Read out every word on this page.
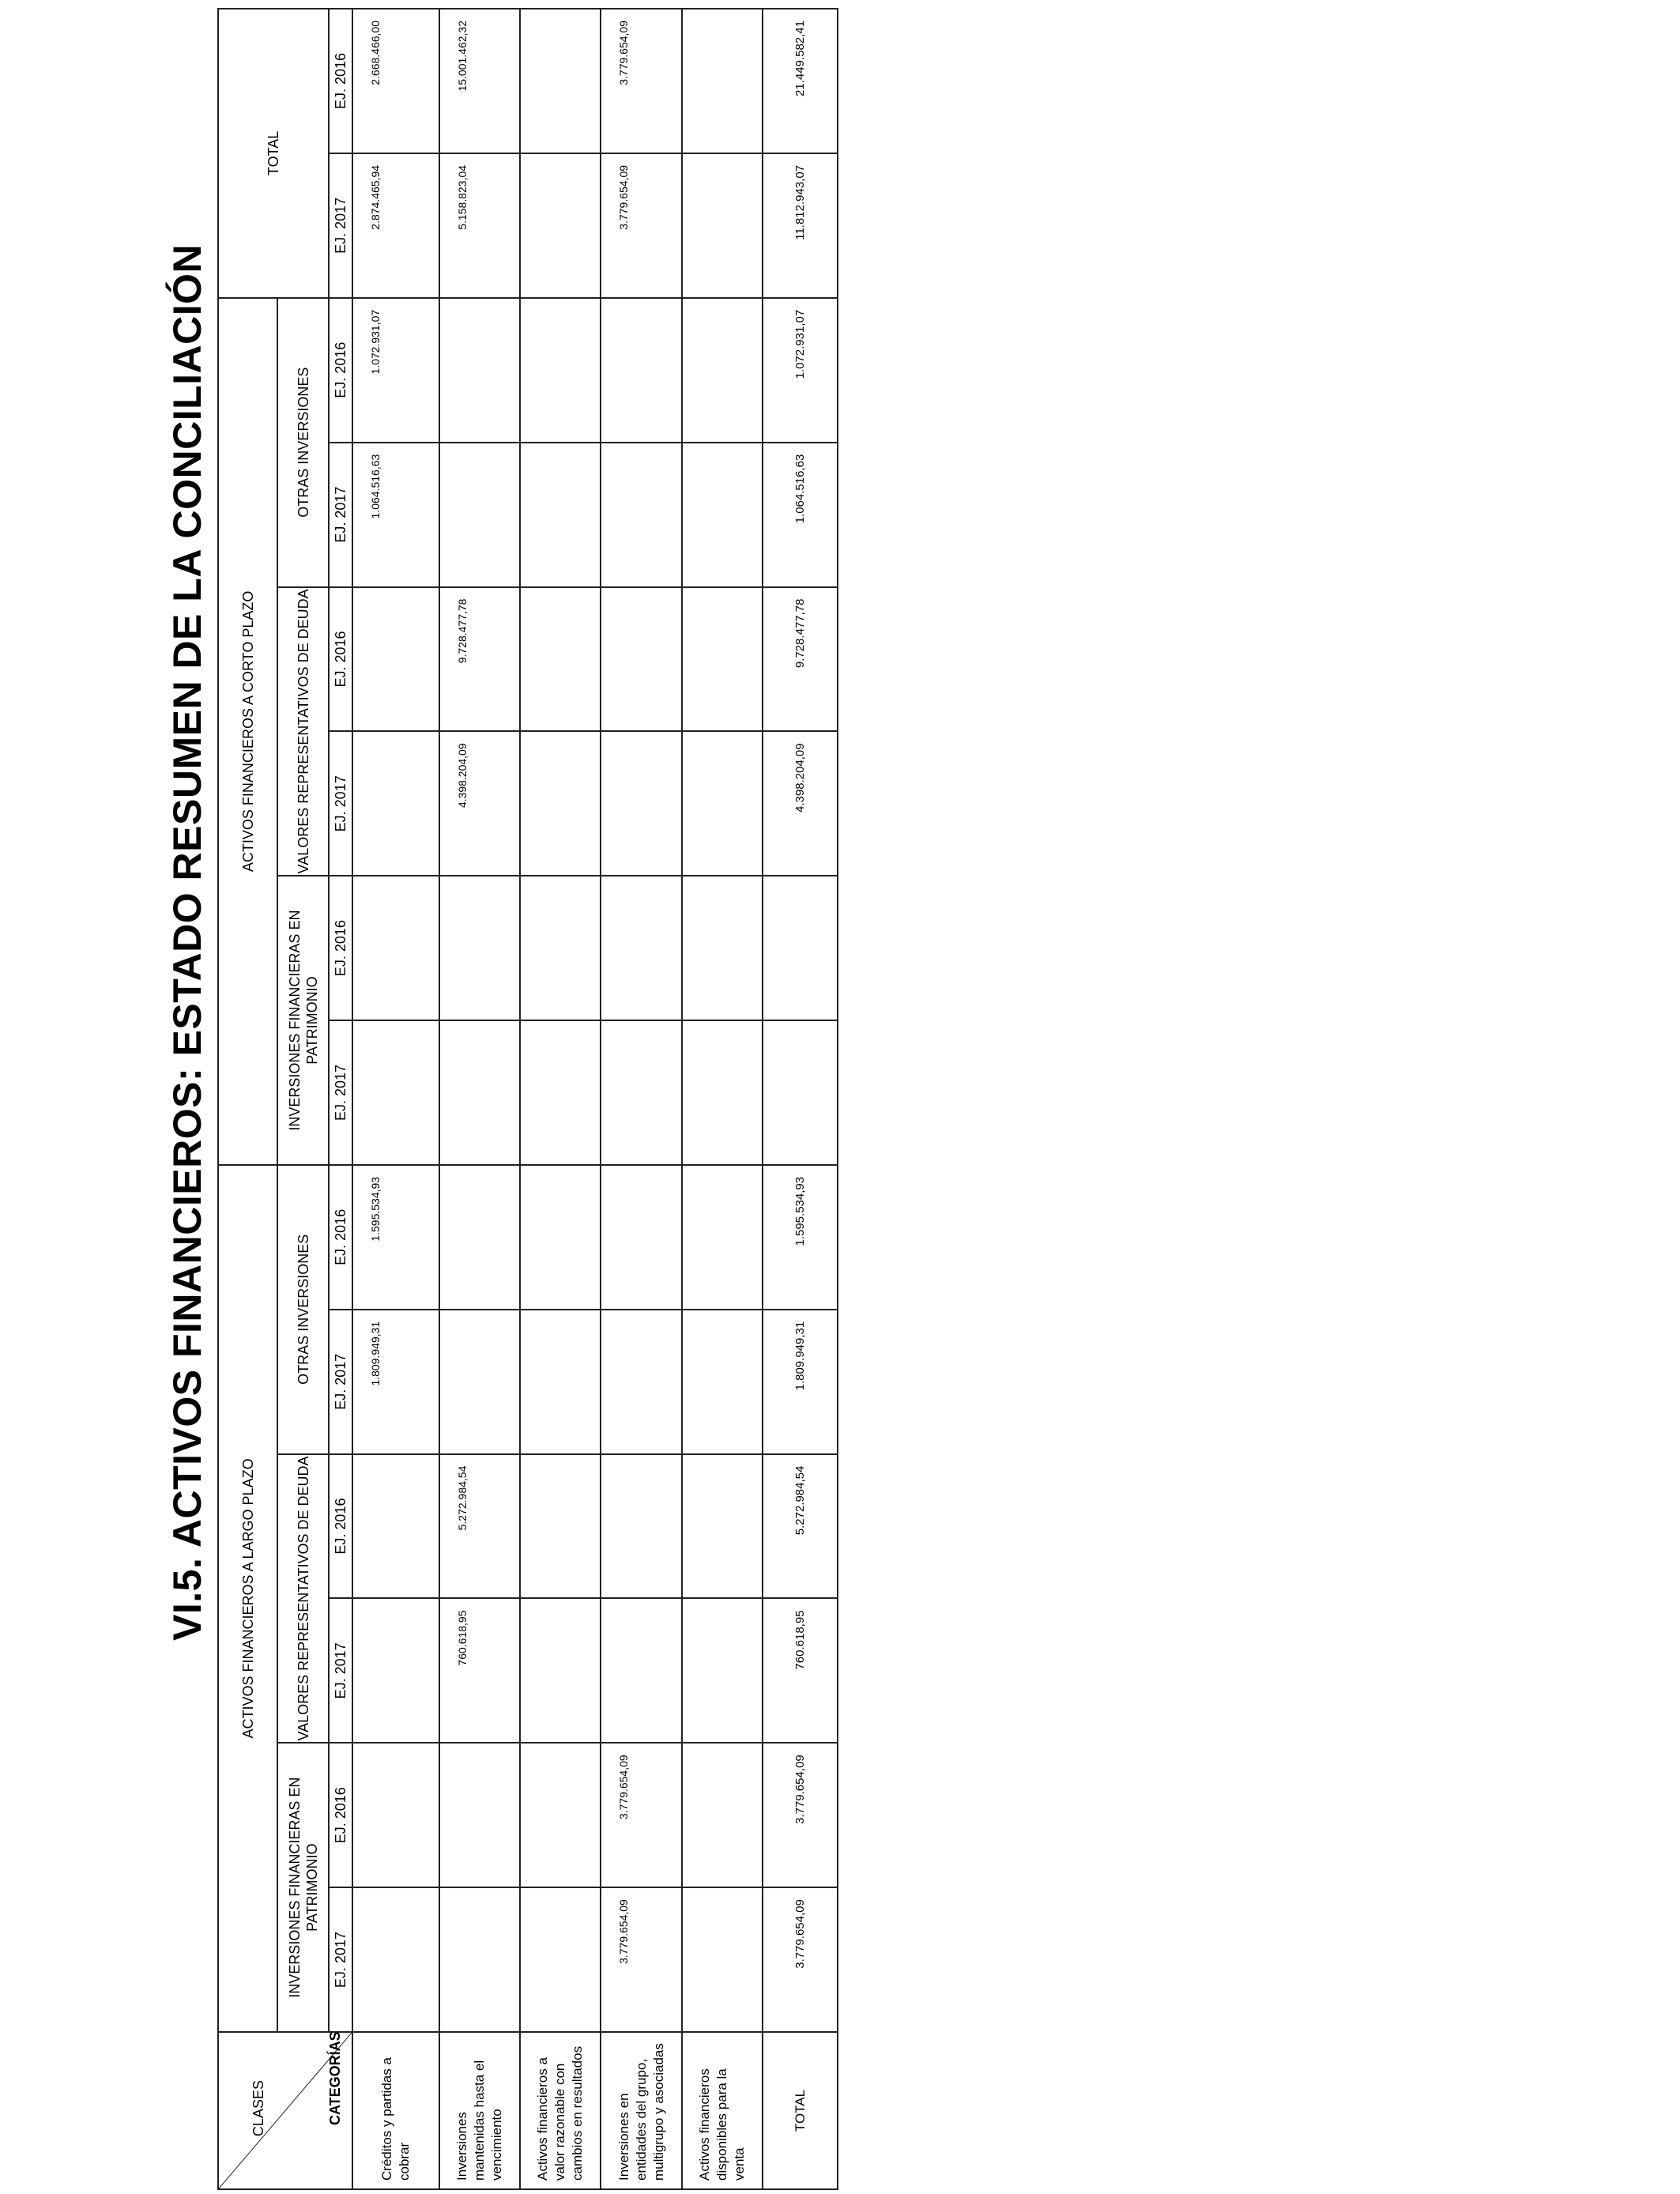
VI.5. ACTIVOS FINANCIEROS: ESTADO RESUMEN DE LA CONCILIACIÓN
CLASES CATEGORÍAS	ACTIVOS FINANCIEROS A LARGO PLAZO						ACTIVOS FINANCIEROS A CORTO PLAZO						TOTAL	
	INVERSIONES FINANCIERAS EN PATRIMONIO		VALORES REPRESENTATIVOS DE DEUDA		OTRAS INVERSIONES		INVERSIONES FINANCIERAS EN PATRIMONIO		VALORES REPRESENTATIVOS DE DEUDA		OTRAS INVERSIONES			
	EJ. 2017	EJ. 2016	EJ. 2017	EJ. 2016	EJ. 2017	EJ. 2016	EJ. 2017	EJ. 2016	EJ. 2017	EJ. 2016	EJ. 2017	EJ. 2016	EJ. 2017	EJ. 2016
Créditos y partidas a cobrar					1.809.949,31	1.595.534,93					1.064.516,63	1.072.931,07	2.874.465,94	2.668.466,00
Inversiones mantenidas hasta el vencimiento			760.618,95	5.272.984,54					4.398.204,09	9.728.477,78			5.158.823,04	15.001.462,32
Activos financieros a valor razonable con cambios en resultados														
Inversiones en entidades del grupo, multigrupo y asociadas	3.779.654,09	3.779.654,09											3.779.654,09	3.779.654,09
Activos financieros disponibles para la venta														
TOTAL	3.779.654,09	3.779.654,09	760.618,95	5.272.984,54	1.809.949,31	1.595.534,93			4.398.204,09	9.728.477,78	1.064.516,63	1.072.931,07	11.812.943,07	21.449.582,41
